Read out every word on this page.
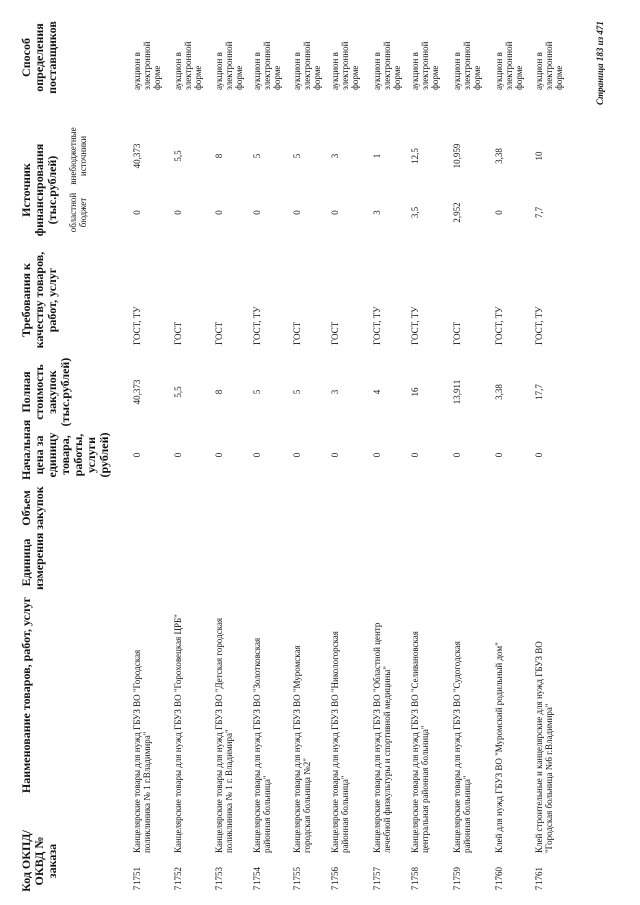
Код ОКПД/ ОКВД № заказа
Наименование товаров, работ, услуг
Единица измерения
Объем закупок
Начальная цена за единицу товара, работы, услуги (рублей)
Полная стоимость закупок (тыс.рублей)
Требования к качеству товаров, работ, услуг
Источник финансирования (тыс.рублей) областной бюджет
внебюджетные источники
Способ определения поставщиков
7
1751
Канцелярские товары для нужд ГБУЗ ВО "Городская поликлиника № 1 г.Владимира"
0
40,373
ГОСТ, ТУ
0
40,373
аукцион в электронной форме
7
1752
Канцелярские товары для нужд ГБУЗ ВО "Гороховецкая ЦРБ"
0
5,5
ГОСТ
0
5,5
аукцион в электронной форме
7
1753
Канцелярские товары для нужд ГБУЗ ВО "Детская городская поликлиника № 1 г. Владимира"
0
8
ГОСТ
0
8
аукцион в электронной форме
7
1754
Канцелярские товары для нужд ГБУЗ ВО "Золотковская районная больница"
0
5
ГОСТ, ТУ
0
5
аукцион в электронной форме
7
1755
Канцелярские товары для нужд ГБУЗ ВО "Муромская городская больница №2"
0
5
ГОСТ
0
5
аукцион в электронной форме
7
1756
Канцелярские товары для нужд ГБУЗ ВО "Никологорская районная больница"
0
3
ГОСТ
0
3
аукцион в электронной форме
7
1757
Канцелярские товары для нужд ГБУЗ ВО "Областной центр лечебной физкультуры и спортивной медицины"
0
4
ГОСТ, ТУ
3
1
аукцион в электронной форме
7
1758
Канцелярские товары для нужд ГБУЗ ВО "Селивановская центральная районная больница"
0
16
ГОСТ, ТУ
3,5
12,5
аукцион в электронной форме
7
1759
Канцелярские товары для нужд ГБУЗ ВО "Судогодская районная больница"
0
13,911
ГОСТ
2,952
10,959
аукцион в электронной форме
7
1760
Клей для нужд ГБУЗ ВО "Муромский родильный дом"
0
3,38
ГОСТ, ТУ
0
3,38
аукцион в электронной форме
7
1761
Клей строительные и канцелярские для нужд ГБУЗ ВО "Городская больница №6 г.Владимира"
0
17,7
ГОСТ, ТУ
7,7
10
аукцион в электронной форме	Страница 183 из 471
